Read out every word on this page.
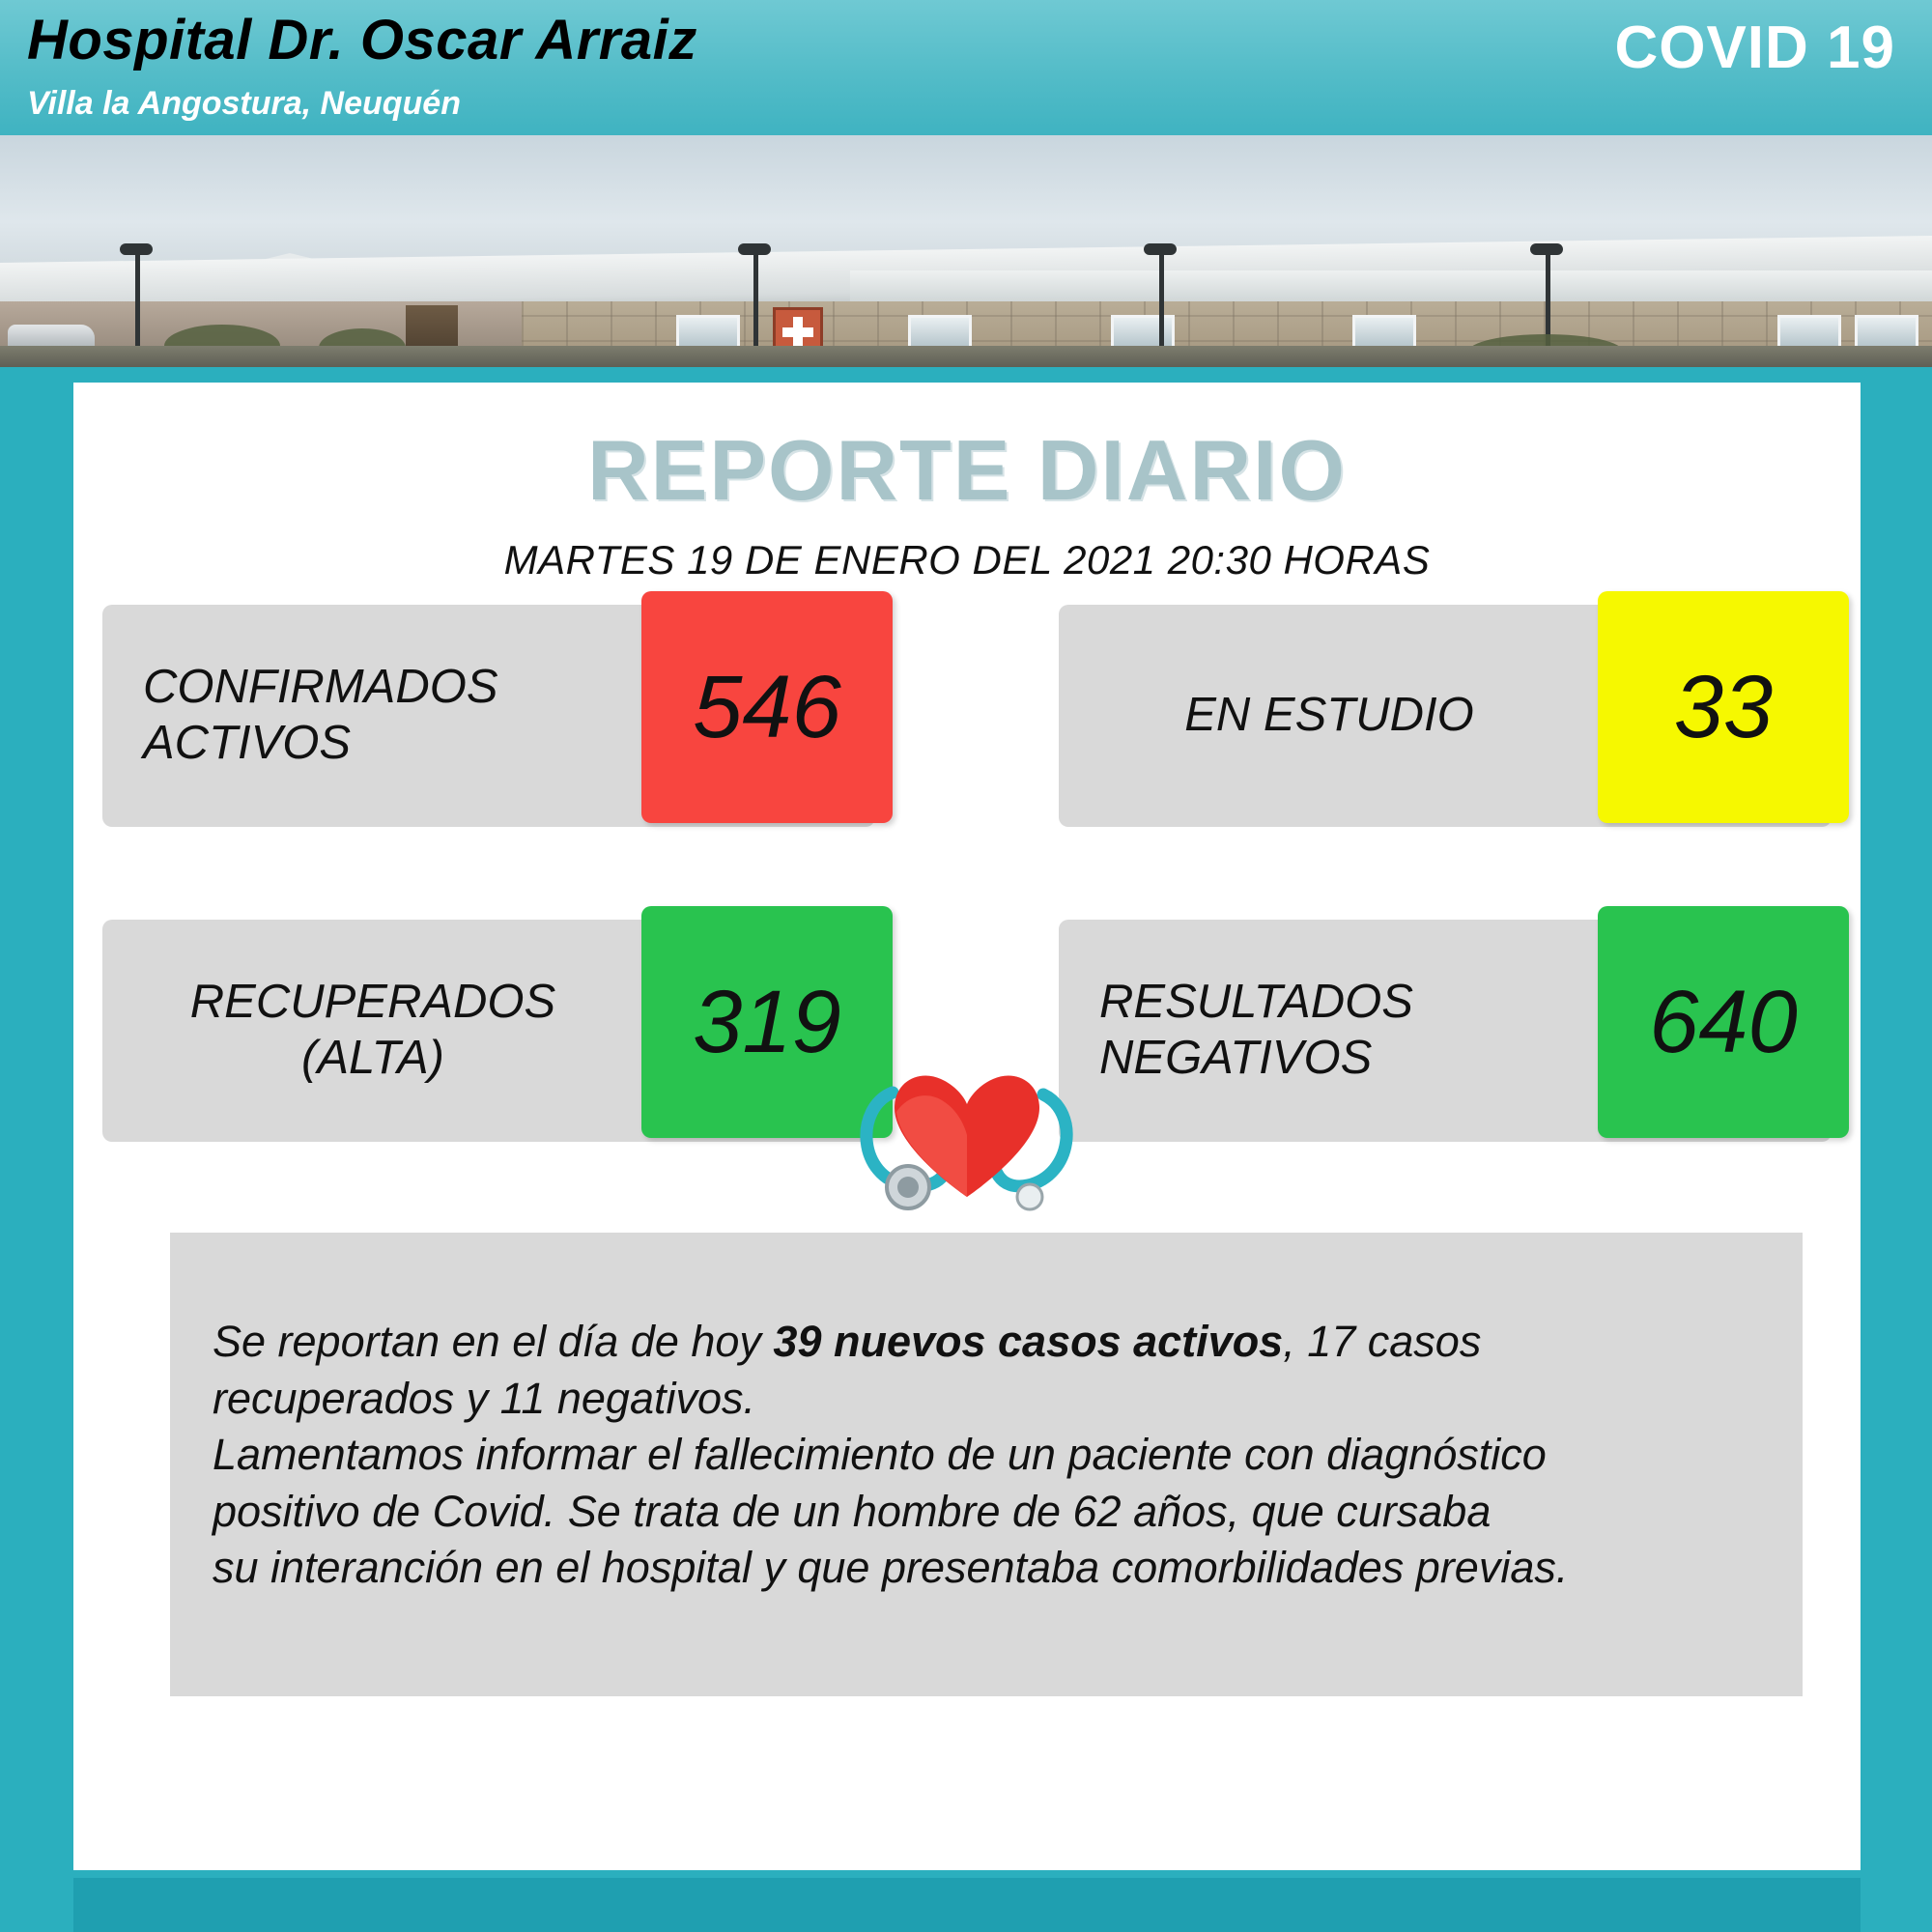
Hospital Dr. Oscar Arraiz
Villa la Angostura, Neuquén
COVID 19
REPORTE DIARIO
MARTES 19 DE ENERO DEL 2021 20:30 HORAS
CONFIRMADOS
ACTIVOS	546	EN ESTUDIO	33
RECUPERADOS
(ALTA)	319	RESULTADOS
NEGATIVOS	640

Se reportan en el día de hoy 39 nuevos casos activos, 17 casos

recuperados y 11 negativos.

Lamentamos informar el fallecimiento de un paciente con diagnóstico

positivo de Covid. Se trata de un hombre de 62 años, que cursaba

su interanción en el hospital y que presentaba comorbilidades previas.
